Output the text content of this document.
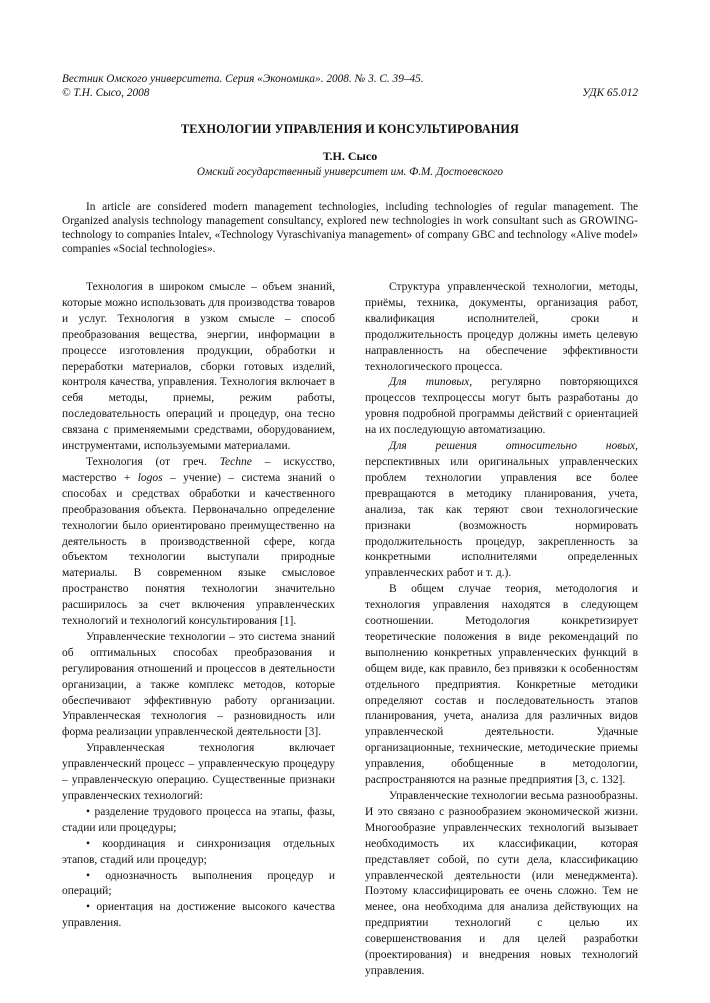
Вестник Омского университета. Серия «Экономика». 2008. № 3. С. 39–45.
© Т.Н. Сысо, 2008	УДК 65.012
ТЕХНОЛОГИИ УПРАВЛЕНИЯ И КОНСУЛЬТИРОВАНИЯ
Т.Н. Сысо
Омский государственный университет им. Ф.М. Достоевского

In article are considered modern management technologies, including technologies of regular management. The Organized analysis technology management consultancy, explored new technologies in work consultant such as GROWING-technology to companies Intalev, «Technology Vyraschivaniya management» of company GBC and technology «Alive model» companies «Social technologies».

Технология в широком смысле – объем знаний, которые можно использовать для производства товаров и услуг. Технология в узком смысле – способ преобразования вещества, энергии, информации в процессе изготовления продукции, обработки и переработки материалов, сборки готовых изделий, контроля качества, управления. Технология включает в себя методы, приемы, режим работы, последовательность операций и процедур, она тесно связана с применяемыми средствами, оборудованием, инструментами, используемыми материалами.

Технология (от греч. Techne – искусство, мастерство + logos – учение) – система знаний о способах и средствах обработки и качественного преобразования объекта. Первоначально определение технологии было ориентировано преимущественно на деятельность в производственной сфере, когда объектом технологии выступали природные материалы. В современном языке смысловое пространство понятия технологии значительно расширилось за счет включения управленческих технологий и технологий консультирования [1].

Управленческие технологии – это система знаний об оптимальных способах преобразования и регулирования отношений и процессов в деятельности организации, а также комплекс методов, которые обеспечивают эффективную работу организации. Управленческая технология – разновидность или форма реализации управленческой деятельности [3].

Управленческая технология включает управленческий процесс – управленческую процедуру – управленческую операцию. Существенные признаки управленческих технологий:

• разделение трудового процесса на этапы, фазы, стадии или процедуры;

• координация и синхронизация отдельных этапов, стадий или процедур;

• однозначность выполнения процедур и операций;

• ориентация на достижение высокого качества управления.

Структура управленческой технологии, методы, приёмы, техника, документы, организация работ, квалификация исполнителей, сроки и продолжительность процедур должны иметь целевую направленность на обеспечение эффективности технологического процесса.

Для типовых, регулярно повторяющихся процессов техпроцессы могут быть разработаны до уровня подробной программы действий с ориентацией на их последующую автоматизацию.

Для решения относительно новых, перспективных или оригинальных управленческих проблем технологии управления все более превращаются в методику планирования, учета, анализа, так как теряют свои технологические признаки (возможность нормировать продолжительность процедур, закрепленность за конкретными исполнителями определенных управленческих работ и т. д.).

В общем случае теория, методология и технология управления находятся в следующем соотношении. Методология конкретизирует теоретические положения в виде рекомендаций по выполнению конкретных управленческих функций в общем виде, как правило, без привязки к особенностям отдельного предприятия. Конкретные методики определяют состав и последовательность этапов планирования, учета, анализа для различных видов управленческой деятельности. Удачные организационные, технические, методические приемы управления, обобщенные в методологии, распространяются на разные предприятия [3, с. 132].

Управленческие технологии весьма разнообразны. И это связано с разнообразием экономической жизни. Многообразие управленческих технологий вызывает необходимость их классификации, которая представляет собой, по сути дела, классификацию управленческой деятельности (или менеджмента). Поэтому классифицировать ее очень сложно. Тем не менее, она необходима для анализа действующих на предприятии технологий с целью их совершенствования и для целей разработки (проектирования) и внедрения новых технологий управления.
